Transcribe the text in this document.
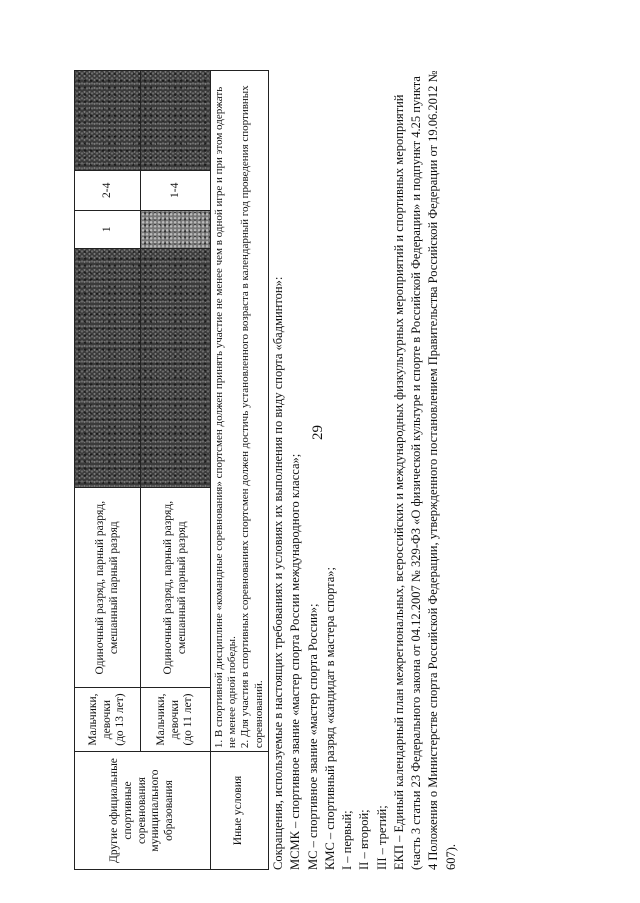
29
Другие официальные спортивные соревнования муниципального образования	Мальчики, девочки (до 13 лет)	Одиночный разряд, парный разряд, смешанный парный разряд		1	2-4	
	Мальчики, девочки (до 11 лет)	Одиночный разряд, парный разряд, смешанный парный разряд			1-4	
Иные условия	1. В спортивной дисциплине «командные соревнования» спортсмен должен принять участие не менее чем в одной игре и при этом одержать не менее одной победы. 2. Для участия в спортивных соревнованиях спортсмен должен достичь установленного возраста в календарный год проведения спортивных соревнований.					Сокращения, используемые в настоящих требованиях и условиях их выполнения по виду спорта «бадминтон»: МСМК – спортивное звание «мастер спорта России международного класса»; МС – спортивное звание «мастер спорта России»; КМС – спортивный разряд «кандидат в мастера спорта»; I – первый; II – второй; III – третий; ЕКП – Единый календарный план межрегиональных, всероссийских и международных физкультурных мероприятий и спортивных мероприятий (часть 3 статьи 23 Федерального закона от 04.12.2007 № 329-ФЗ «О физической культуре и спорте в Российской Федерации» и подпункт 4.25 пункта 4 Положения о Министерстве спорта Российской Федерации, утвержденного постановлением Правительства Российской Федерации от 19.06.2012 № 607).
